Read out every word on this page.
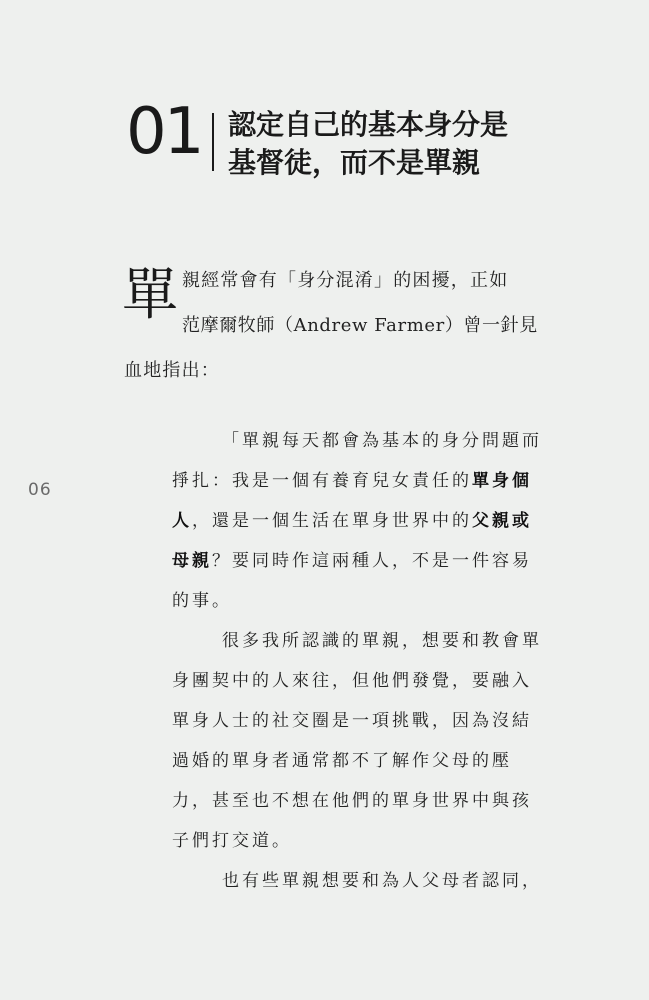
01 認定自己的基本身分是
基督徒，而不是單親
單 親經常會有「身分混淆」的困擾，正如
范摩爾牧師（Andrew Farmer）曾一針見
血地指出：
06
「單親每天都會為基本的身分問題而
掙扎：我是一個有養育兒女責任的單身個
人，還是一個生活在單身世界中的父親或
母親？要同時作這兩種人，不是一件容易
的事。
很多我所認識的單親，想要和教會單
身團契中的人來往，但他們發覺，要融入
單身人士的社交圈是一項挑戰，因為沒結
過婚的單身者通常都不了解作父母的壓
力，甚至也不想在他們的單身世界中與孩
子們打交道。
也有些單親想要和為人父母者認同，
